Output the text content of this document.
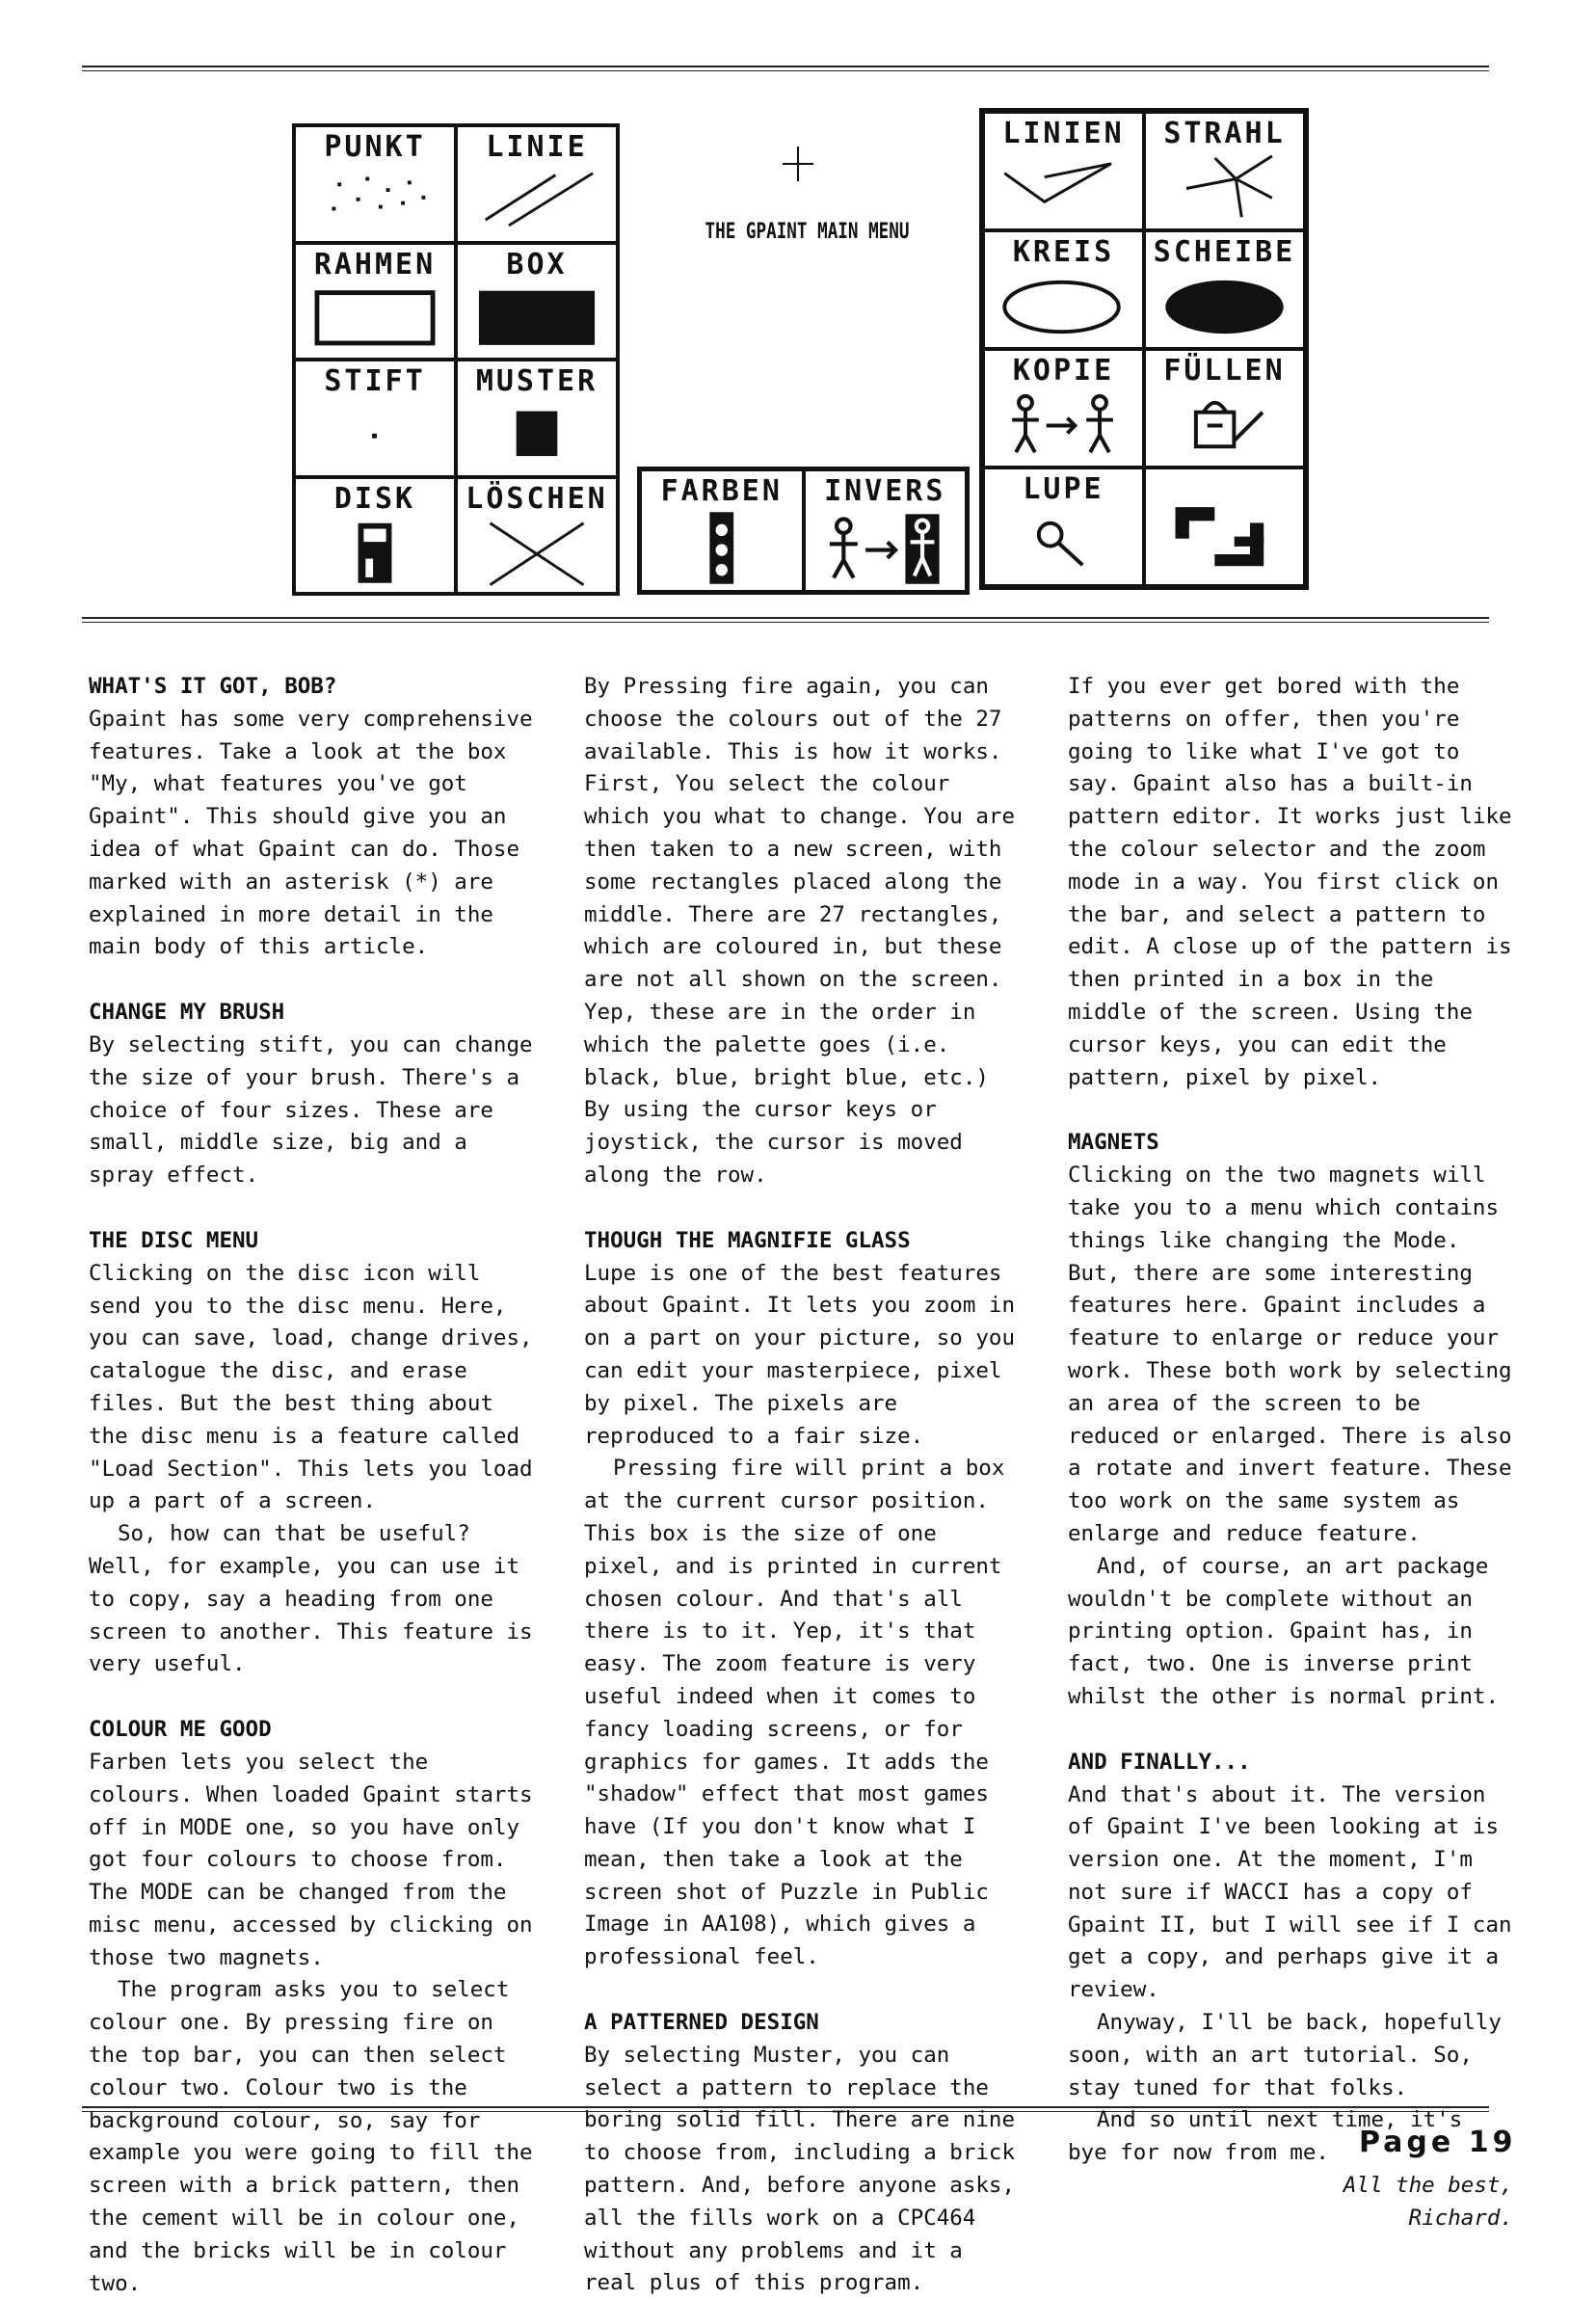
PUNKT	LINIE
RAHMEN	BOX
STIFT	MUSTER
DISK	LÖSCHEN
THE GPAINT MAIN MENU
FARBEN	INVERS
LINIEN	STRAHL
KREIS	SCHEIBE
KOPIE	FÜLLEN
LUPE

WHAT'S IT GOT, BOB?

Gpaint has some very comprehensive features. Take a look at the box "My, what features you've got Gpaint". This should give you an idea of what Gpaint can do. Those marked with an asterisk (*) are explained in more detail in the main body of this article.

CHANGE MY BRUSH

By selecting stift, you can change the size of your brush. There's a choice of four sizes. These are small, middle size, big and a spray effect.

THE DISC MENU

Clicking on the disc icon will send you to the disc menu. Here, you can save, load, change drives, catalogue the disc, and erase files. But the best thing about the disc menu is a feature called "Load Section". This lets you load up a part of a screen.

So, how can that be useful? Well, for example, you can use it to copy, say a heading from one screen to another. This feature is very useful.

COLOUR ME GOOD

Farben lets you select the colours. When loaded Gpaint starts off in MODE one, so you have only got four colours to choose from. The MODE can be changed from the misc menu, accessed by clicking on those two magnets.

The program asks you to select colour one. By pressing fire on the top bar, you can then select colour two. Colour two is the background colour, so, say for example you were going to fill the screen with a brick pattern, then the cement will be in colour one, and the bricks will be in colour two.

By Pressing fire again, you can choose the colours out of the 27 available. This is how it works. First, You select the colour which you what to change. You are then taken to a new screen, with some rectangles placed along the middle. There are 27 rectangles, which are coloured in, but these are not all shown on the screen. Yep, these are in the order in which the palette goes (i.e. black, blue, bright blue, etc.) By using the cursor keys or joystick, the cursor is moved along the row.

THOUGH THE MAGNIFIE GLASS

Lupe is one of the best features about Gpaint. It lets you zoom in on a part on your picture, so you can edit your masterpiece, pixel by pixel. The pixels are reproduced to a fair size.

Pressing fire will print a box at the current cursor position. This box is the size of one pixel, and is printed in current chosen colour. And that's all there is to it. Yep, it's that easy. The zoom feature is very useful indeed when it comes to fancy loading screens, or for graphics for games. It adds the "shadow" effect that most games have (If you don't know what I mean, then take a look at the screen shot of Puzzle in Public Image in AA108), which gives a professional feel.

A PATTERNED DESIGN

By selecting Muster, you can select a pattern to replace the boring solid fill. There are nine to choose from, including a brick pattern. And, before anyone asks, all the fills work on a CPC464 without any problems and it a real plus of this program.

If you ever get bored with the patterns on offer, then you're going to like what I've got to say. Gpaint also has a built-in pattern editor. It works just like the colour selector and the zoom mode in a way. You first click on the bar, and select a pattern to edit. A close up of the pattern is then printed in a box in the middle of the screen. Using the cursor keys, you can edit the pattern, pixel by pixel.

MAGNETS

Clicking on the two magnets will take you to a menu which contains things like changing the Mode. But, there are some interesting features here. Gpaint includes a feature to enlarge or reduce your work. These both work by selecting an area of the screen to be reduced or enlarged. There is also a rotate and invert feature. These too work on the same system as enlarge and reduce feature.

And, of course, an art package wouldn't be complete without an printing option. Gpaint has, in fact, two. One is inverse print whilst the other is normal print.

AND FINALLY...

And that's about it. The version of Gpaint I've been looking at is version one. At the moment, I'm not sure if WACCI has a copy of Gpaint II, but I will see if I can get a copy, and perhaps give it a review.

Anyway, I'll be back, hopefully soon, with an art tutorial. So, stay tuned for that folks.

And so until next time, it's bye for now from me.

All the best,

Richard.

Page 19
